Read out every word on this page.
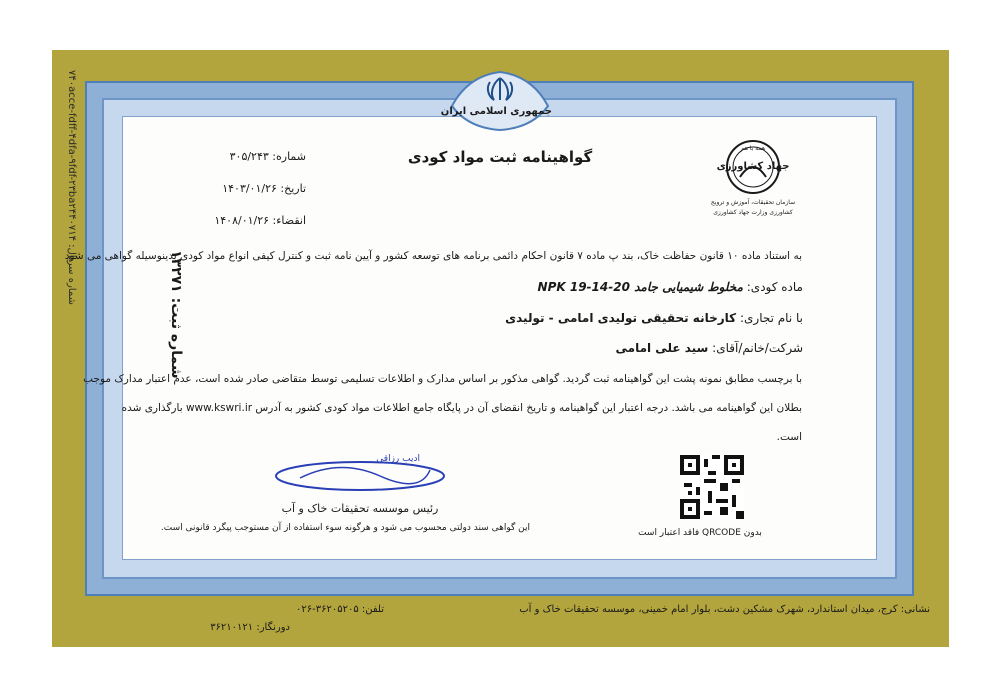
شماره سریال: ۷۴۰acce-fdff-۴dfa-۹fdf-۲۳ba۲۴۴۰۷۱۴
جمهوری اسلامی ایران
همه با هم
جهاد کشاورزی
سازمان تحقیقات، آموزش و ترویج
کشاورزی وزارت جهاد کشاورزی
گواهینامه ثبت مواد کودی
شماره: ۳۰۵/۲۴۳
تاریخ: ۱۴۰۳/۰۱/۲۶
انقضاء: ۱۴۰۸/۰۱/۲۶
شماره ثبت: ۱۳۲۷۱
به استناد ماده ۱۰ قانون حفاظت خاک، بند پ ماده ۷ قانون احکام دائمی برنامه های توسعه کشور و آیین نامه ثبت و کنترل کیفی انواع مواد کودی بدینوسیله گواهی می شود
ماده کودی: مخلوط شیمیایی جامد NPK 19-14-20
با نام تجاری: کارخانه تحقیقی تولیدی امامی - تولیدی
شرکت/خانم/آقای: سید علی امامی
با برچسب مطابق نمونه پشت این گواهینامه ثبت گردید. گواهی مذکور بر اساس مدارک و اطلاعات تسلیمی توسط متقاضی صادر شده است، عدم اعتبار مدارک موجب
بطلان این گواهینامه می باشد. درجه اعتبار این گواهینامه و تاریخ انقضای آن در پایگاه جامع اطلاعات مواد کودی کشور به آدرس www.kswri.ir بارگذاری شده
است.
ادیب رزاقی
رئیس موسسه تحقیقات خاک و آب
این گواهی سند دولتی محسوب می شود و هرگونه سوء استفاده از آن مستوجب پیگرد قانونی است.	بدون QRCODE فاقد اعتبار است
نشانی: کرج، میدان استاندارد، شهرک مشکین دشت، بلوار امام خمینی، موسسه تحقیقات خاک و آب
تلفن: ۳۶۲۰۵۲۰۵-۰۲۶
دورنگار: ۳۶۲۱۰۱۲۱
